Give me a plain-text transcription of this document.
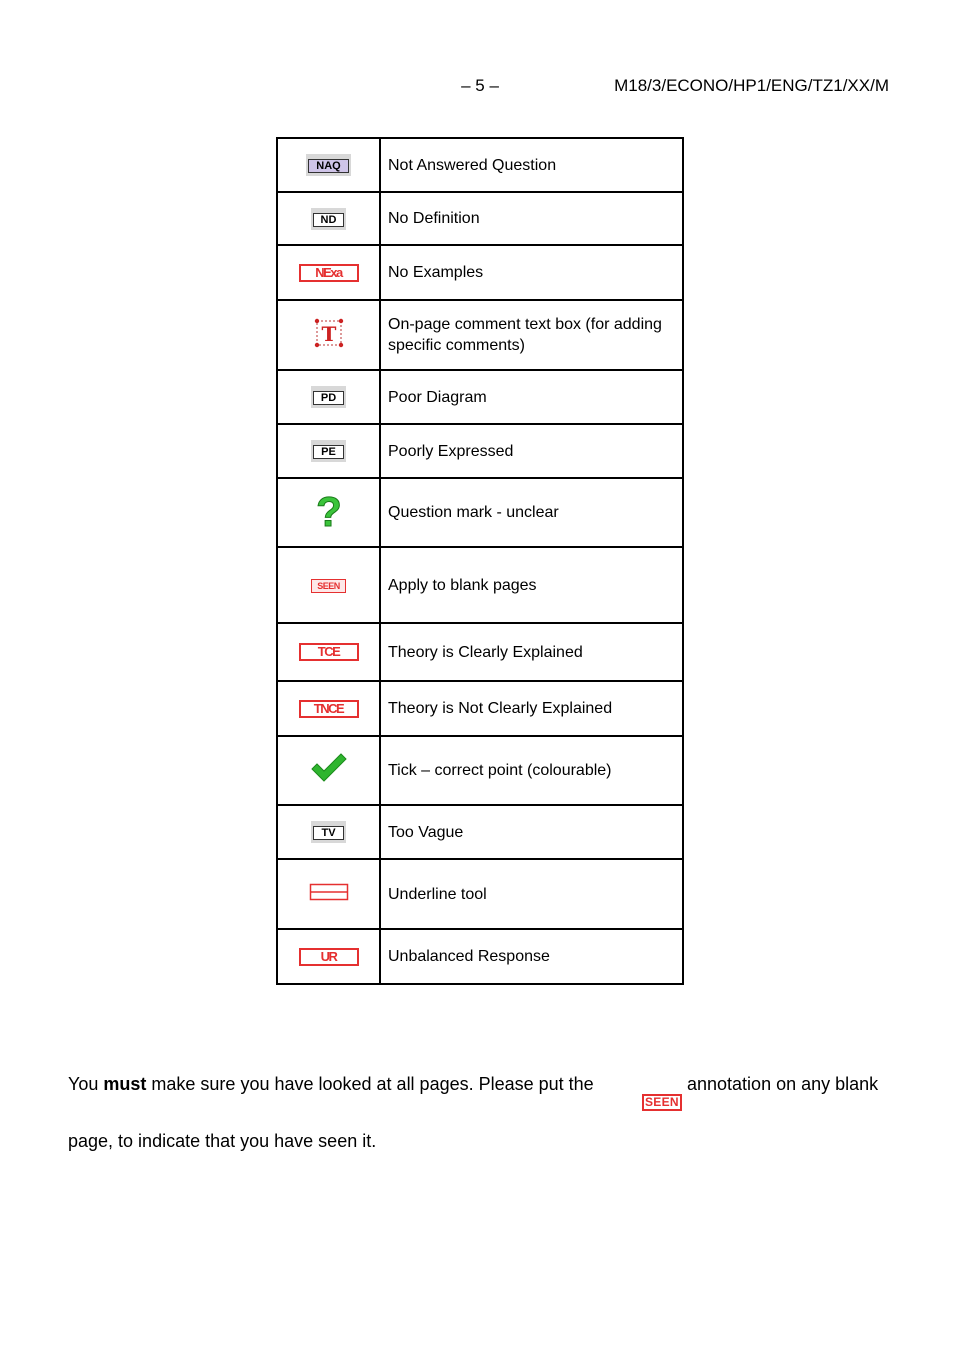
– 5 –	M18/3/ECONO/HP1/ENG/TZ1/XX/M
NAQ	Not Answered Question
ND	No Definition
NExa	No Examples

T	On-page comment text box (for adding specific comments)
PD	Poor Diagram
PE	Poorly Expressed

?	Question mark - unclear
SEEN	Apply to blank pages
TCE	Theory is Clearly Explained
TNCE	Theory is Not Clearly Explained
	Tick – correct point (colourable)
TV	Too Vague
	Underline tool
UR	Unbalanced Response
You must make sure you have looked at all pages. Please put the
SEEN
annotation on any blank
page, to indicate that you have seen it.
